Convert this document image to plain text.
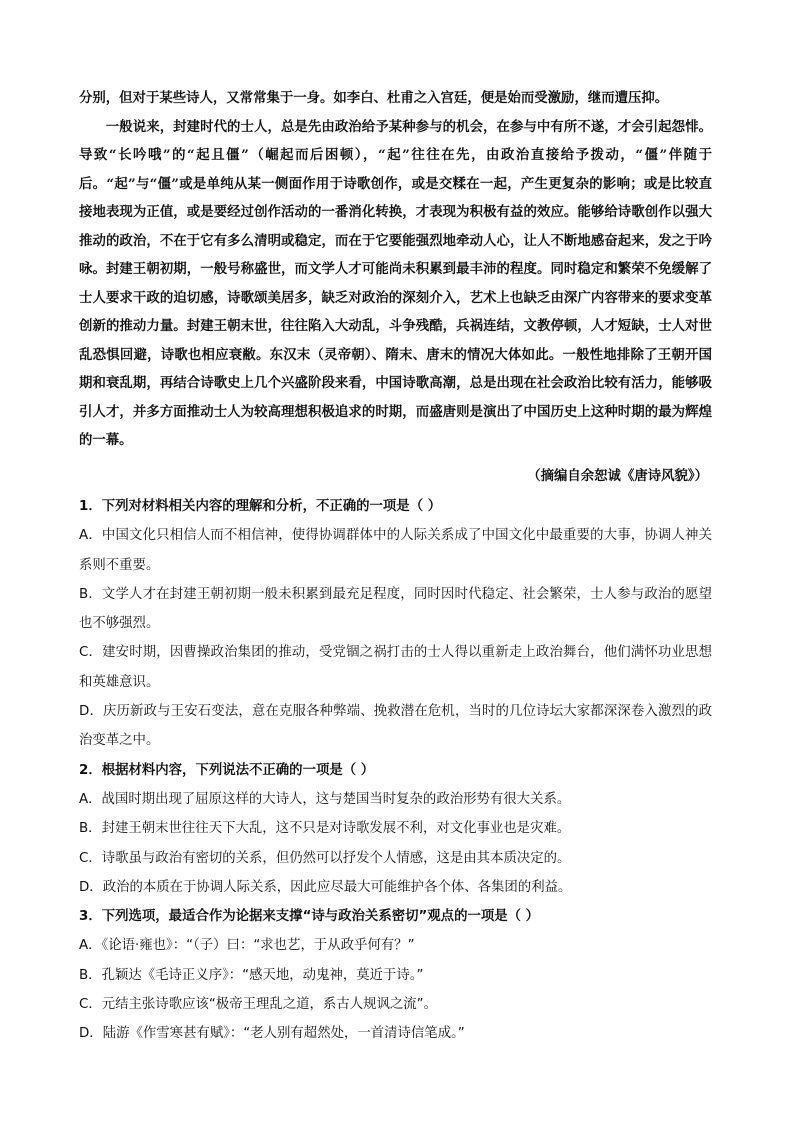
分别，但对于某些诗人，又常常集于一身。如李白、杜甫之入宫廷，便是始而受激励，继而遭压抑。

一般说来，封建时代的士人，总是先由政治给予某种参与的机会，在参与中有所不遂，才会引起怨悱。导致“长吟哦”的“起且僵”（崛起而后困顿），“起”往往在先，由政治直接给予拨动，“僵”伴随于后。“起”与“僵”或是单纯从某一侧面作用于诗歌创作，或是交糅在一起，产生更复杂的影响；或是比较直接地表现为正值，或是要经过创作活动的一番消化转换，才表现为积极有益的效应。能够给诗歌创作以强大推动的政治，不在于它有多么清明或稳定，而在于它要能强烈地牵动人心，让人不断地感奋起来，发之于吟咏。封建王朝初期，一般号称盛世，而文学人才可能尚未积累到最丰沛的程度。同时稳定和繁荣不免缓解了士人要求干政的迫切感，诗歌颂美居多，缺乏对政治的深刻介入，艺术上也缺乏由深广内容带来的要求变革创新的推动力量。封建王朝末世，往往陷入大动乱，斗争残酷，兵祸连结，文教停顿，人才短缺，士人对世乱恐惧回避，诗歌也相应衰敝。东汉末（灵帝朝）、隋末、唐末的情况大体如此。一般性地排除了王朝开国期和衰乱期，再结合诗歌史上几个兴盛阶段来看，中国诗歌高潮，总是出现在社会政治比较有活力，能够吸引人才，并多方面推动士人为较高理想积极追求的时期，而盛唐则是演出了中国历史上这种时期的最为辉煌的一幕。

（摘编自余恕诚《唐诗风貌》）
1．下列对材料相关内容的理解和分析，不正确的一项是（ ）
A．中国文化只相信人而不相信神，使得协调群体中的人际关系成了中国文化中最重要的大事，协调人神关系则不重要。
B．文学人才在封建王朝初期一般未积累到最充足程度，同时因时代稳定、社会繁荣，士人参与政治的愿望也不够强烈。
C．建安时期，因曹操政治集团的推动，受党锢之祸打击的士人得以重新走上政治舞台，他们满怀功业思想和英雄意识。
D．庆历新政与王安石变法，意在克服各种弊端、挽救潜在危机，当时的几位诗坛大家都深深卷入激烈的政治变革之中。
2．根据材料内容，下列说法不正确的一项是（ ）
A．战国时期出现了屈原这样的大诗人，这与楚国当时复杂的政治形势有很大关系。
B．封建王朝末世往往天下大乱，这不只是对诗歌发展不利，对文化事业也是灾难。
C．诗歌虽与政治有密切的关系，但仍然可以抒发个人情感，这是由其本质决定的。
D．政治的本质在于协调人际关系，因此应尽最大可能维护各个体、各集团的利益。
3．下列选项，最适合作为论据来支撑“诗与政治关系密切”观点的一项是（ ）
A．《论语·雍也》：“（子）曰：“求也艺，于从政乎何有？”
B．孔颖达《毛诗正义序》：“感天地，动鬼神，莫近于诗。”
C．元结主张诗歌应该“极帝王理乱之道，系古人规讽之流”。
D．陆游《作雪寒甚有赋》：“老人别有超然处，一首清诗信笔成。”
